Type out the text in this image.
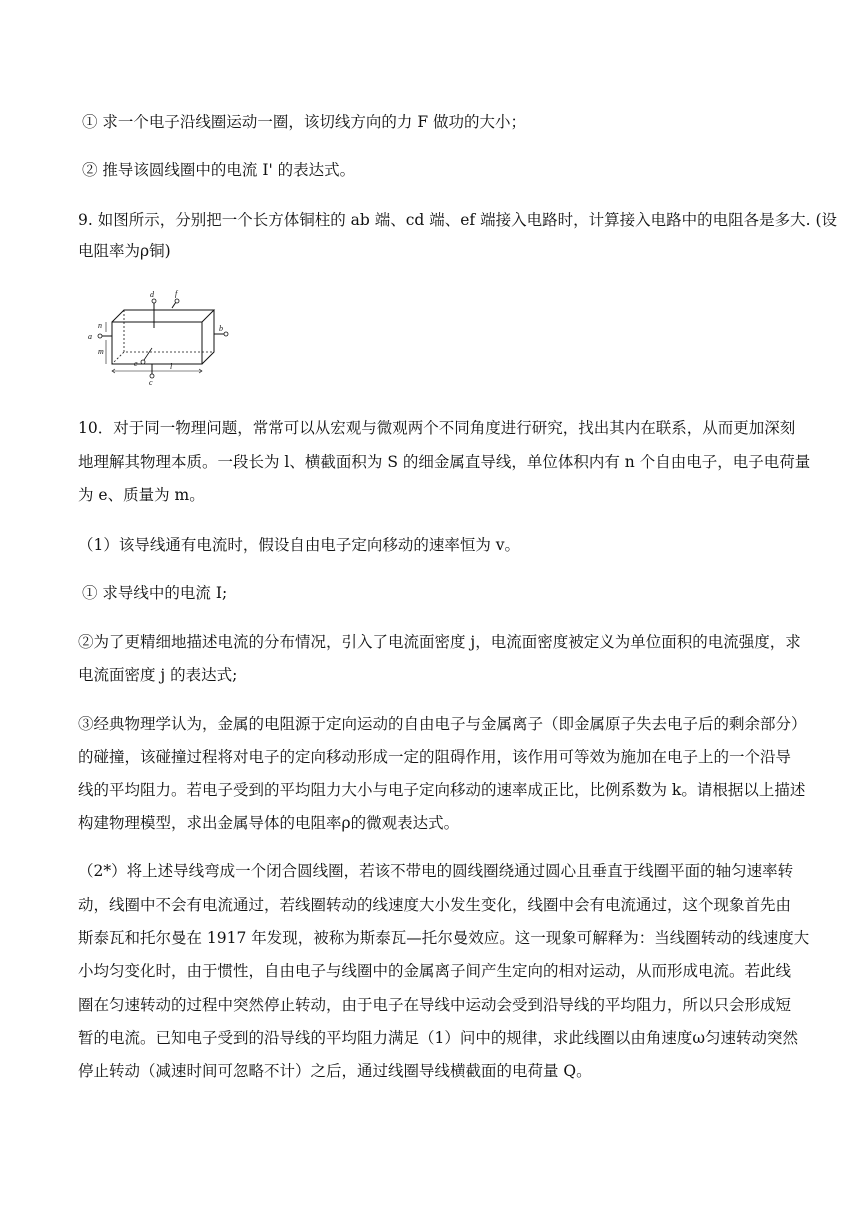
① 求一个电子沿线圈运动一圈，该切线方向的力 F 做功的大小；
② 推导该圆线圈中的电流 I' 的表达式。
9. 如图所示，分别把一个长方体铜柱的 ab 端、cd 端、ef 端接入电路时，计算接入电路中的电阻各是多大. (设
电阻率为ρ铜)
d	f
a
n
m
b
e
c
l
10．对于同一物理问题，常常可以从宏观与微观两个不同角度进行研究，找出其内在联系，从而更加深刻
地理解其物理本质。一段长为 l、横截面积为 S 的细金属直导线，单位体积内有 n 个自由电子，电子电荷量
为 e、质量为 m。
（1）该导线通有电流时，假设自由电子定向移动的速率恒为 v。
① 求导线中的电流 I;
②为了更精细地描述电流的分布情况，引入了电流面密度 j，电流面密度被定义为单位面积的电流强度，求
电流面密度 j 的表达式;
③经典物理学认为，金属的电阻源于定向运动的自由电子与金属离子（即金属原子失去电子后的剩余部分）
的碰撞，该碰撞过程将对电子的定向移动形成一定的阻碍作用，该作用可等效为施加在电子上的一个沿导
线的平均阻力。若电子受到的平均阻力大小与电子定向移动的速率成正比，比例系数为 k。请根据以上描述
构建物理模型，求出金属导体的电阻率ρ的微观表达式。
（2*）将上述导线弯成一个闭合圆线圈，若该不带电的圆线圈绕通过圆心且垂直于线圈平面的轴匀速率转
动，线圈中不会有电流通过，若线圈转动的线速度大小发生变化，线圈中会有电流通过，这个现象首先由
斯泰瓦和托尔曼在 1917 年发现，被称为斯泰瓦—托尔曼效应。这一现象可解释为：当线圈转动的线速度大
小均匀变化时，由于惯性，自由电子与线圈中的金属离子间产生定向的相对运动，从而形成电流。若此线
圈在匀速转动的过程中突然停止转动，由于电子在导线中运动会受到沿导线的平均阻力，所以只会形成短
暂的电流。已知电子受到的沿导线的平均阻力满足（1）问中的规律，求此线圈以由角速度ω匀速转动突然
停止转动（减速时间可忽略不计）之后，通过线圈导线横截面的电荷量 Q。
